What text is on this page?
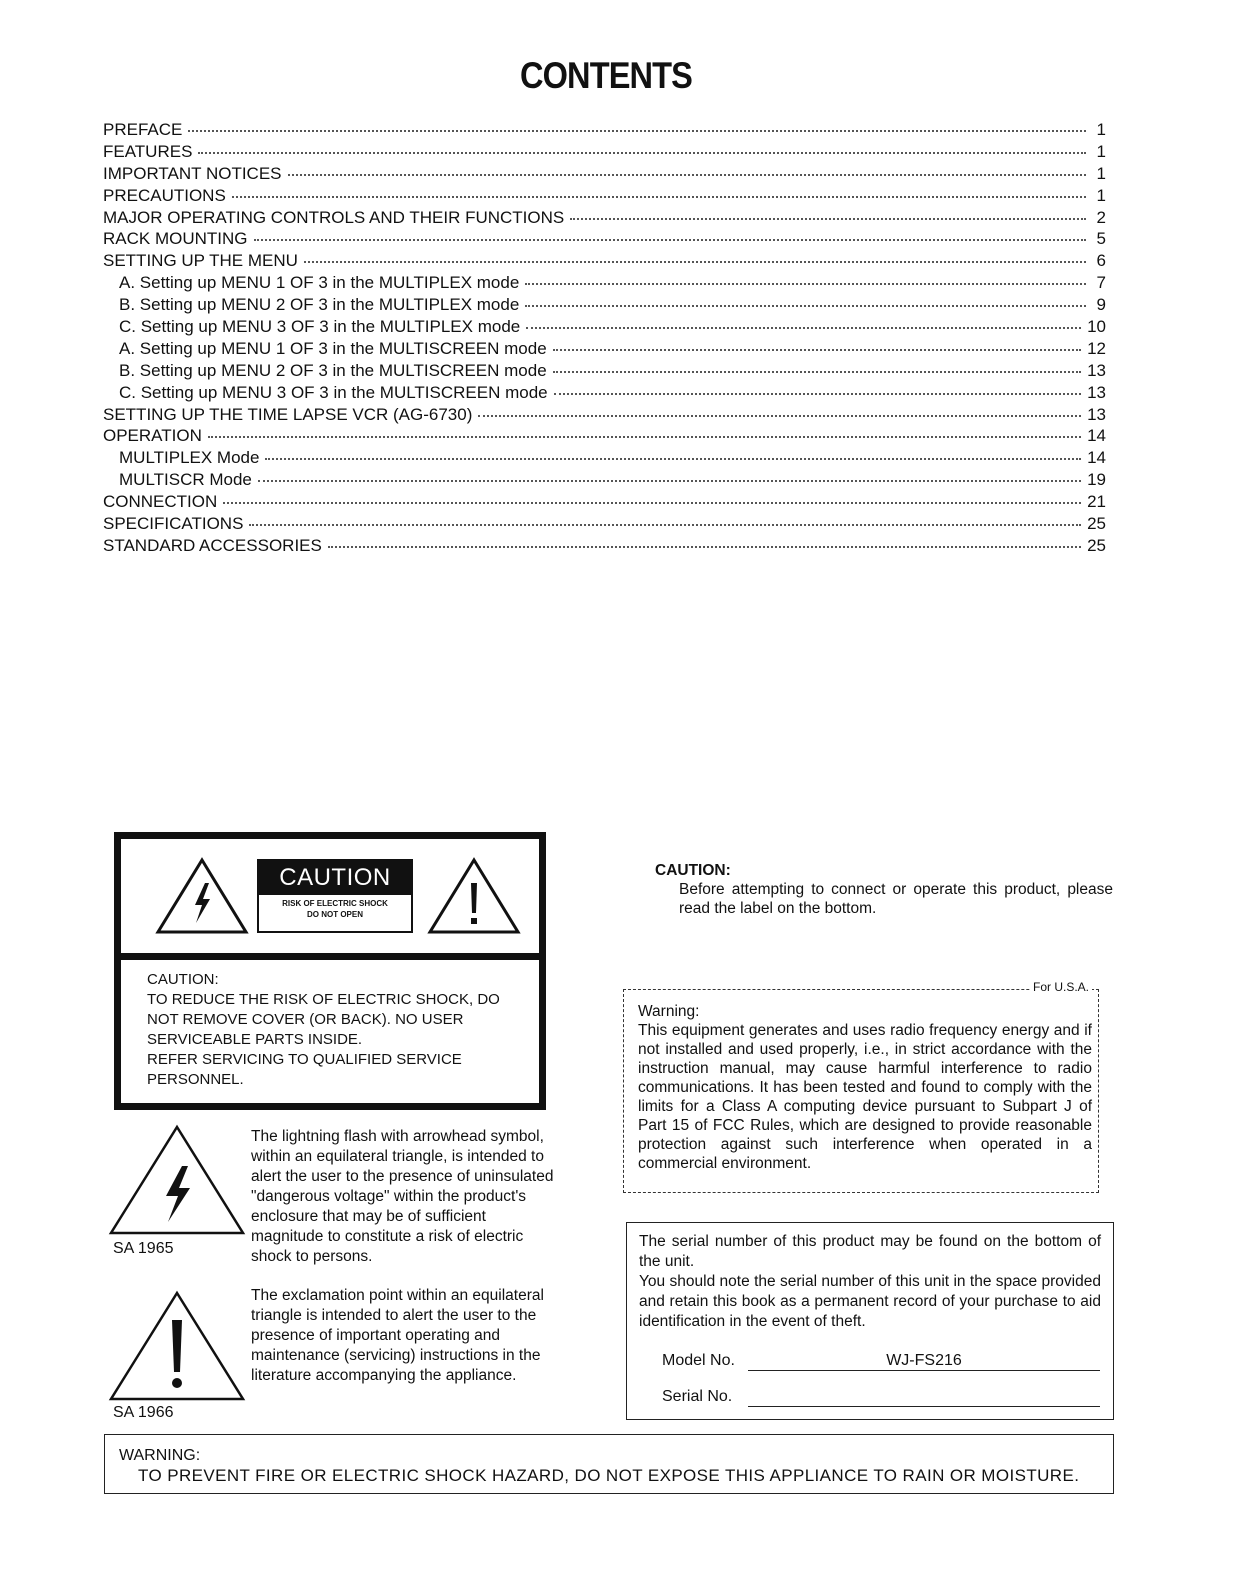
CONTENTS
PREFACE	1
FEATURES	1
IMPORTANT NOTICES	1
PRECAUTIONS	1
MAJOR OPERATING CONTROLS AND THEIR FUNCTIONS	2
RACK MOUNTING	5
SETTING UP THE MENU	6
A. Setting up MENU 1 OF 3 in the MULTIPLEX mode	7
B. Setting up MENU 2 OF 3 in the MULTIPLEX mode	9
C. Setting up MENU 3 OF 3 in the MULTIPLEX mode	10
A. Setting up MENU 1 OF 3 in the MULTISCREEN mode	12
B. Setting up MENU 2 OF 3 in the MULTISCREEN mode	13
C. Setting up MENU 3 OF 3 in the MULTISCREEN mode	13
SETTING UP THE TIME LAPSE VCR (AG-6730)	13
OPERATION	14
MULTIPLEX Mode	14
MULTISCR Mode	19
CONNECTION	21
SPECIFICATIONS	25
STANDARD ACCESSORIES	25
CAUTION
RISK OF ELECTRIC SHOCK
DO NOT OPEN

CAUTION:

TO REDUCE THE RISK OF ELECTRIC SHOCK, DO NOT REMOVE COVER (OR BACK). NO USER SERVICEABLE PARTS INSIDE.

REFER SERVICING TO QUALIFIED SERVICE PERSONNEL.

SA 1965

The lightning flash with arrowhead symbol, within an equilateral triangle, is intended to alert the user to the presence of uninsulated "dangerous voltage" within the product's enclosure that may be of sufficient magnitude to constitute a risk of electric shock to persons.

SA 1966

The exclamation point within an equilateral triangle is intended to alert the user to the presence of important operating and maintenance (servicing) instructions in the literature accompanying the appliance.

CAUTION:
Before attempting to connect or operate this product, please read the label on the bottom.
For U.S.A.
Warning:
This equipment generates and uses radio frequency energy and if not installed and used properly, i.e., in strict accordance with the instruction manual, may cause harmful interference to radio communications. It has been tested and found to comply with the limits for a Class A computing device pursuant to Subpart J of Part 15 of FCC Rules, which are designed to provide reasonable protection against such interference when operated in a commercial environment.

The serial number of this product may be found on the bottom of the unit.

You should note the serial number of this unit in the space provided and retain this book as a permanent record of your purchase to aid identification in the event of theft.

Model No.	WJ-FS216
Serial No.
WARNING:
TO PREVENT FIRE OR ELECTRIC SHOCK HAZARD, DO NOT EXPOSE THIS APPLIANCE TO RAIN OR MOISTURE.
